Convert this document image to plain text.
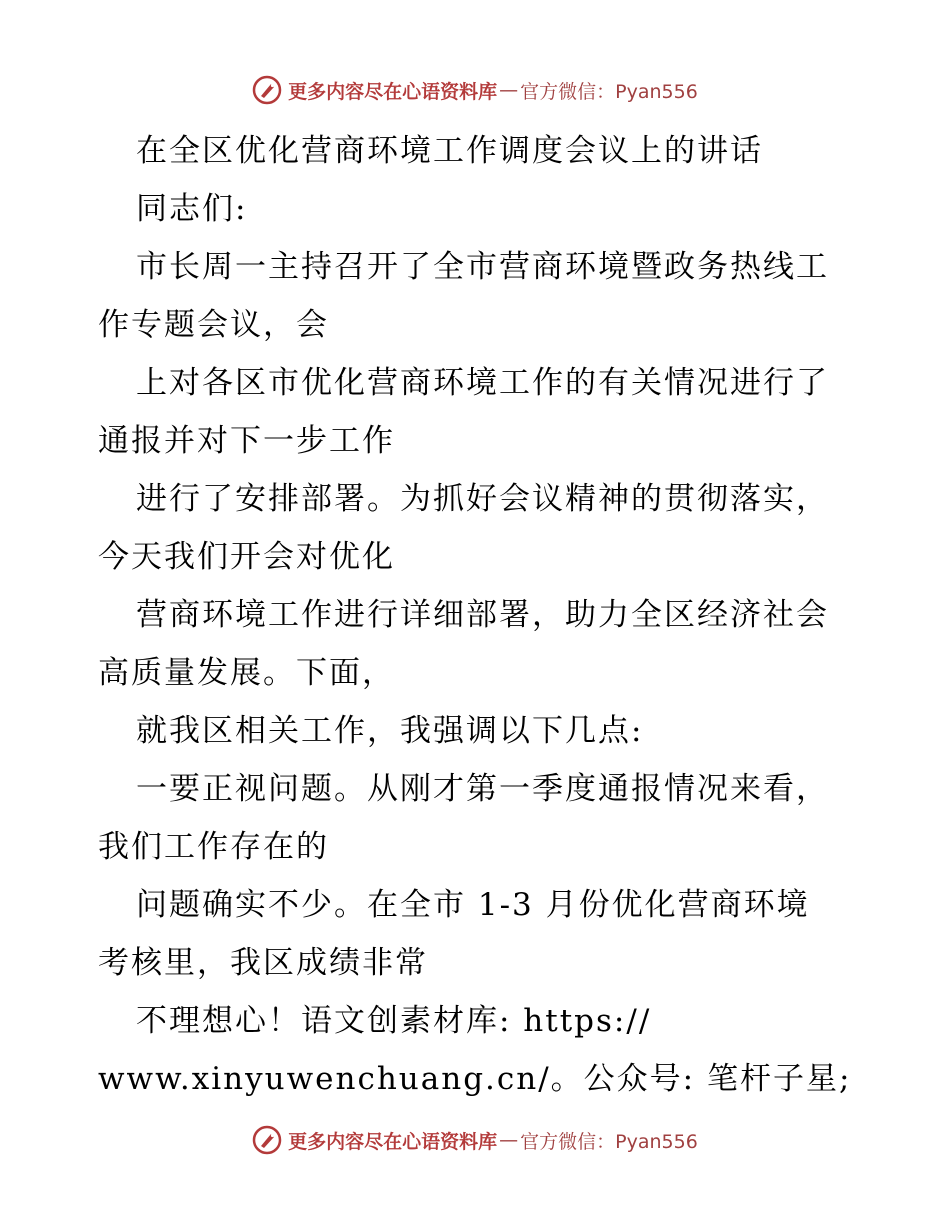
更多内容尽在心语资料库 — 官方微信：Pyan556
在全区优化营商环境工作调度会议上的讲话
同志们:
市长周一主持召开了全市营商环境暨政务热线工
作专题会议，会
上对各区市优化营商环境工作的有关情况进行了
通报并对下一步工作
进行了安排部署。为抓好会议精神的贯彻落实，
今天我们开会对优化
营商环境工作进行详细部署，助力全区经济社会
高质量发展。下面，
就我区相关工作，我强调以下几点:
一要正视问题。从刚才第一季度通报情况来看，
我们工作存在的
问题确实不少。在全市 1-3 月份优化营商环境
考核里，我区成绩非常
不理想心！语文创素材库: https://
www.xinyuwenchuang.cn/。公众号: 笔杆子星;
更多内容尽在心语资料库 — 官方微信：Pyan556
